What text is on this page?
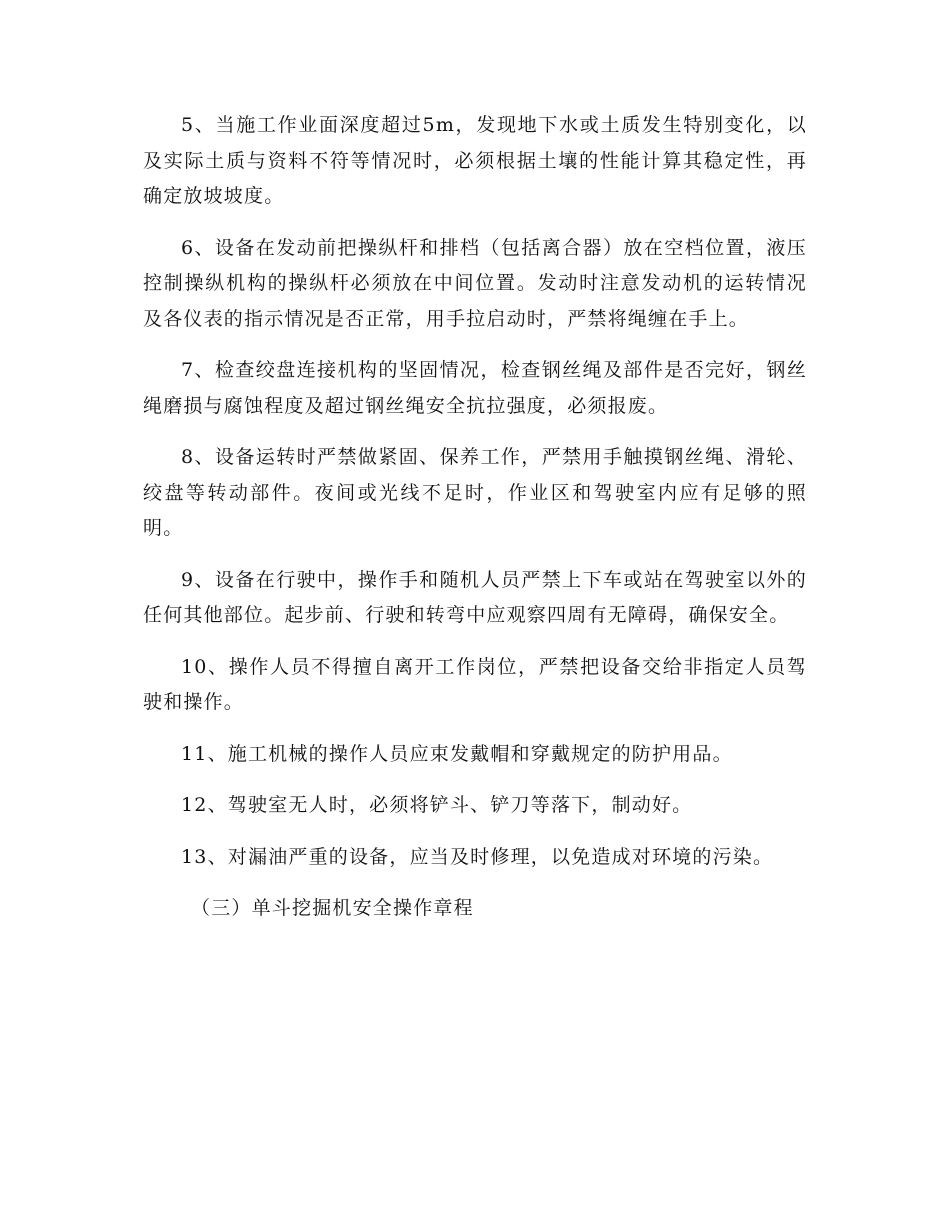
5、当施工作业面深度超过5m，发现地下水或土质发生特别变化，以及实际土质与资料不符等情况时，必须根据土壤的性能计算其稳定性，再确定放坡坡度。

6、设备在发动前把操纵杆和排档（包括离合器）放在空档位置，液压控制操纵机构的操纵杆必须放在中间位置。发动时注意发动机的运转情况及各仪表的指示情况是否正常，用手拉启动时，严禁将绳缠在手上。

7、检查绞盘连接机构的坚固情况，检查钢丝绳及部件是否完好，钢丝绳磨损与腐蚀程度及超过钢丝绳安全抗拉强度，必须报废。

8、设备运转时严禁做紧固、保养工作，严禁用手触摸钢丝绳、滑轮、绞盘等转动部件。夜间或光线不足时，作业区和驾驶室内应有足够的照明。

9、设备在行驶中，操作手和随机人员严禁上下车或站在驾驶室以外的任何其他部位。起步前、行驶和转弯中应观察四周有无障碍，确保安全。

10、操作人员不得擅自离开工作岗位，严禁把设备交给非指定人员驾驶和操作。

11、施工机械的操作人员应束发戴帽和穿戴规定的防护用品。

12、驾驶室无人时，必须将铲斗、铲刀等落下，制动好。

13、对漏油严重的设备，应当及时修理，以免造成对环境的污染。

（三）单斗挖掘机安全操作章程
